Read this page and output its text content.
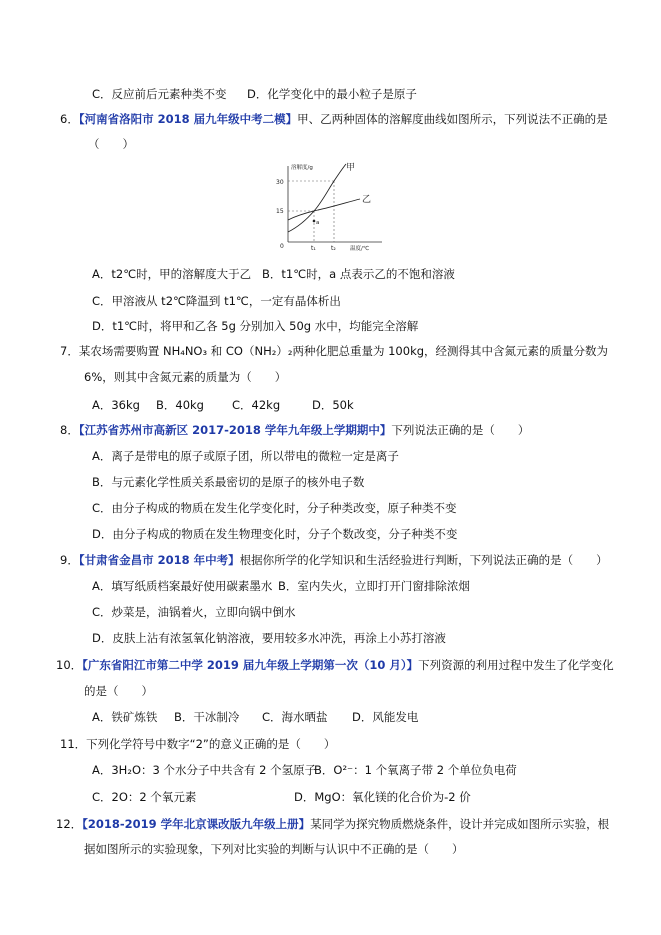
C．反应前后元素种类不变 D．化学变化中的最小粒子是原子
6．【河南省洛阳市 2018 届九年级中考二模】甲、乙两种固体的溶解度曲线如图所示，下列说法不正确的是
（　　）
溶解度/g
温度/℃
30
15
0
甲
乙
a
t₁	t₂
A．t2℃时，甲的溶解度大于乙 B．t1℃时，a 点表示乙的不饱和溶液
C．甲溶液从 t2℃降温到 t1℃，一定有晶体析出
D．t1℃时，将甲和乙各 5g 分别加入 50g 水中，均能完全溶解
7．某农场需要购置 NH₄NO₃ 和 CO（NH₂）₂两种化肥总重量为 100kg，经测得其中含氮元素的质量分数为
6%，则其中含氮元素的质量为（　　）
A．36kg B．40kg C．42kg	D．50k
8．【江苏省苏州市高新区 2017-2018 学年九年级上学期期中】下列说法正确的是（　　）
A．离子是带电的原子或原子团，所以带电的微粒一定是离子
B．与元素化学性质关系最密切的是原子的核外电子数
C．由分子构成的物质在发生化学变化时，分子种类改变，原子种类不变
D．由分子构成的物质在发生物理变化时，分子个数改变，分子种类不变
9．【甘肃省金昌市 2018 年中考】根据你所学的化学知识和生活经验进行判断，下列说法正确的是（　　）
A．填写纸质档案最好使用碳素墨水 B．室内失火，立即打开门窗排除浓烟
C．炒菜是，油锅着火，立即向锅中倒水
D．皮肤上沾有浓氢氧化钠溶液，要用较多水冲洗，再涂上小苏打溶液
10．【广东省阳江市第二中学 2019 届九年级上学期第一次（10 月）】下列资源的利用过程中发生了化学变化
的是（　　）
A．铁矿炼铁 B．干冰制冷 C．海水晒盐 D．风能发电
11．下列化学符号中数字“2”的意义正确的是（　　）
A．3H₂O：3 个水分子中共含有 2 个氢原子
B．O²⁻：1 个氧离子带 2 个单位负电荷
C．2O：2 个氧元素	D．MgO：氧化镁的化合价为-2 价
12．【2018-2019 学年北京课改版九年级上册】某同学为探究物质燃烧条件，设计并完成如图所示实验，根
据如图所示的实验现象，下列对比实验的判断与认识中不正确的是（　　）
